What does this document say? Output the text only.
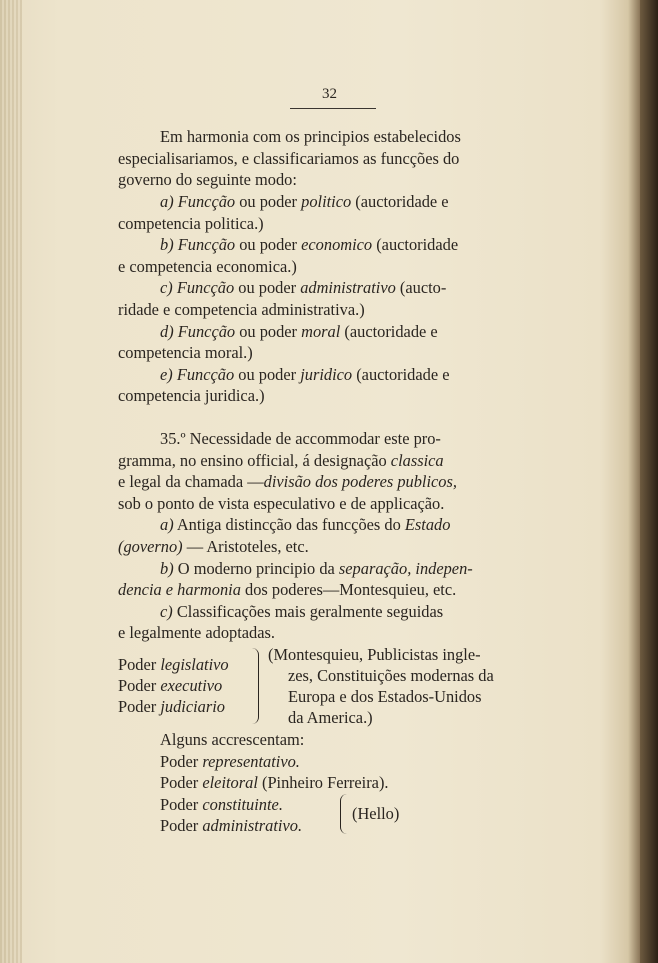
32
Em harmonia com os principios estabelecidos
especialisariamos, e classificariamos as funcções do
governo do seguinte modo:
a) Funcção ou poder politico (auctoridade e
competencia politica.)
b) Funcção ou poder economico (auctoridade
e competencia economica.)
c) Funcção ou poder administrativo (aucto-
ridade e competencia administrativa.)
d) Funcção ou poder moral (auctoridade e
competencia moral.)
e) Funcção ou poder juridico (auctoridade e
competencia juridica.)
35.º Necessidade de accommodar este pro-
gramma, no ensino official, á designação classica
e legal da chamada —divisão dos poderes publicos,
sob o ponto de vista especulativo e de applicação.
a) Antiga distincção das funcções do Estado
(governo) — Aristoteles, etc.
b) O moderno principio da separação, indepen-
dencia e harmonia dos poderes—Montesquieu, etc.
c) Classificações mais geralmente seguidas
e legalmente adoptadas.
Poder legislativo
Poder executivo
Poder judiciario
(Montesquieu, Publicistas ingle-
zes, Constituições modernas da
Europa e dos Estados-Unidos
da America.)
Alguns accrescentam:
Poder representativo.
Poder eleitoral (Pinheiro Ferreira).
Poder constituinte.
Poder administrativo.
(Hello)
